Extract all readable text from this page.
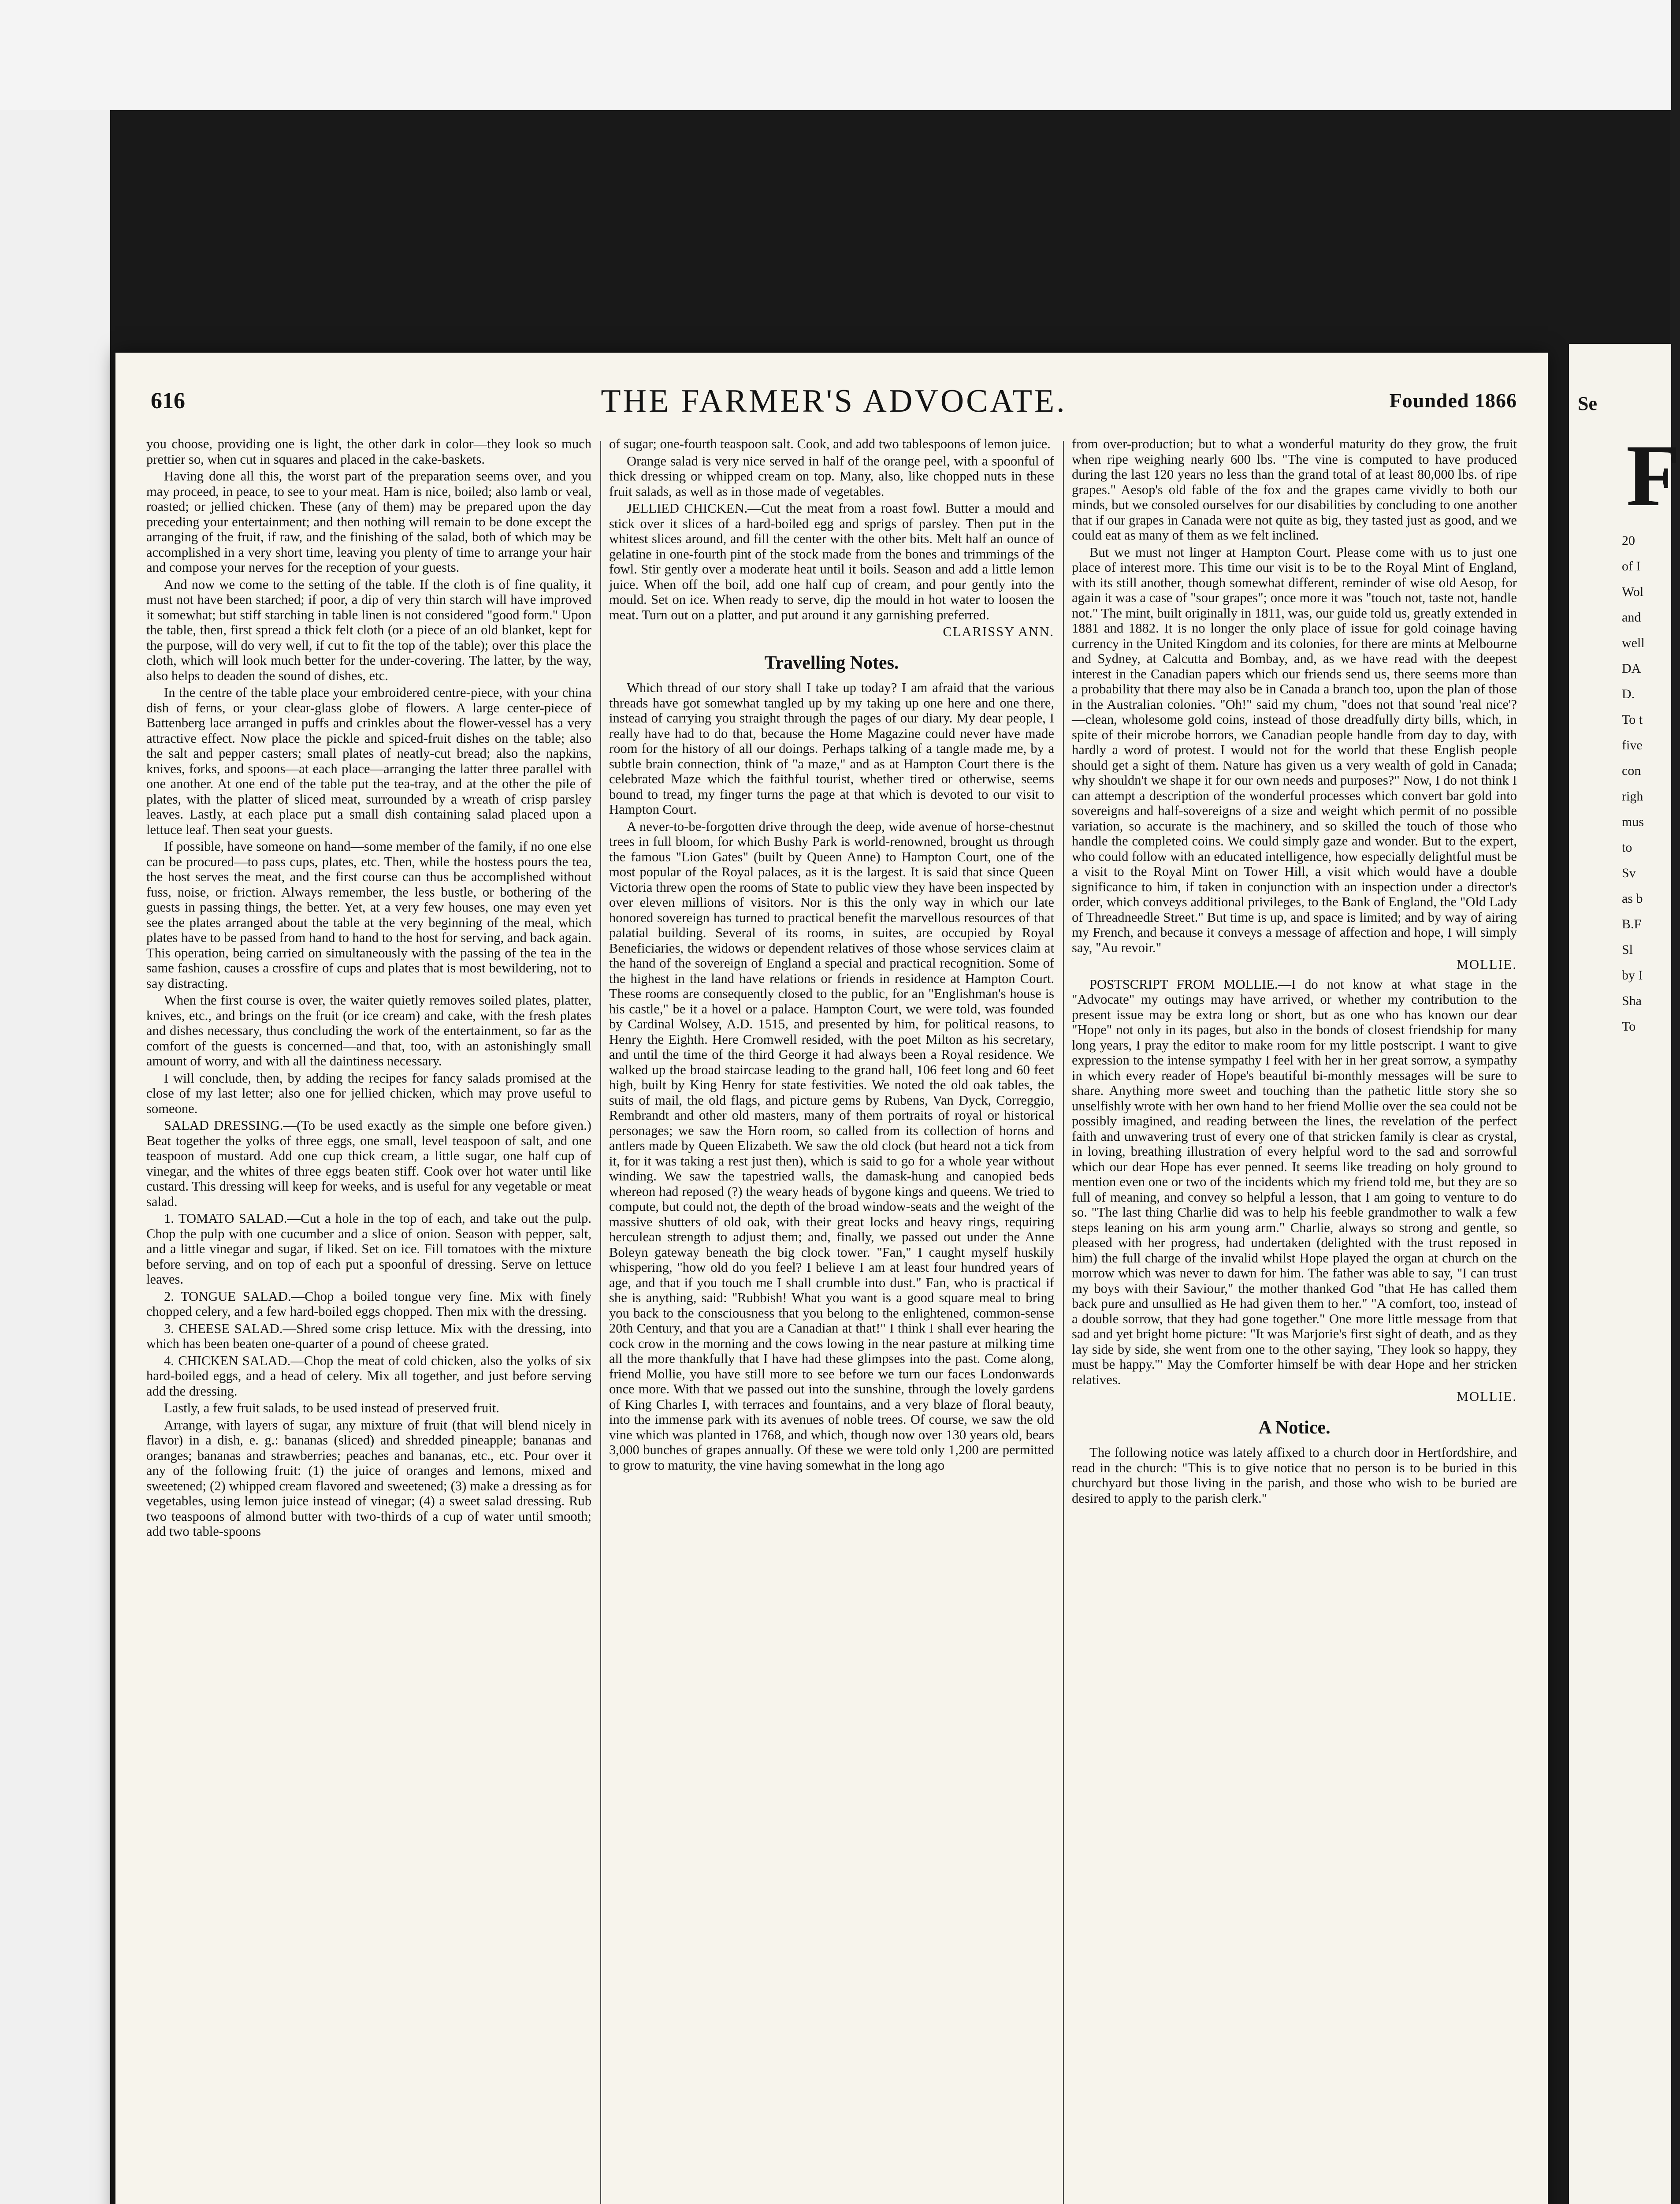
616	THE FARMER'S ADVOCATE.	Founded 1866

you choose, providing one is light, the other dark in color—they look so much prettier so, when cut in squares and placed in the cake-baskets.

Having done all this, the worst part of the preparation seems over, and you may proceed, in peace, to see to your meat. Ham is nice, boiled; also lamb or veal, roasted; or jellied chicken. These (any of them) may be prepared upon the day preceding your entertainment; and then nothing will remain to be done except the arranging of the fruit, if raw, and the finishing of the salad, both of which may be accomplished in a very short time, leaving you plenty of time to arrange your hair and compose your nerves for the reception of your guests.

And now we come to the setting of the table. If the cloth is of fine quality, it must not have been starched; if poor, a dip of very thin starch will have improved it somewhat; but stiff starching in table linen is not considered "good form." Upon the table, then, first spread a thick felt cloth (or a piece of an old blanket, kept for the purpose, will do very well, if cut to fit the top of the table); over this place the cloth, which will look much better for the under-covering. The latter, by the way, also helps to deaden the sound of dishes, etc.

In the centre of the table place your embroidered centre-piece, with your china dish of ferns, or your clear-glass globe of flowers. A large center-piece of Battenberg lace arranged in puffs and crinkles about the flower-vessel has a very attractive effect. Now place the pickle and spiced-fruit dishes on the table; also the salt and pepper casters; small plates of neatly-cut bread; also the napkins, knives, forks, and spoons—at each place—arranging the latter three parallel with one another. At one end of the table put the tea-tray, and at the other the pile of plates, with the platter of sliced meat, surrounded by a wreath of crisp parsley leaves. Lastly, at each place put a small dish containing salad placed upon a lettuce leaf. Then seat your guests.

If possible, have someone on hand—some member of the family, if no one else can be procured—to pass cups, plates, etc. Then, while the hostess pours the tea, the host serves the meat, and the first course can thus be accomplished without fuss, noise, or friction. Always remember, the less bustle, or bothering of the guests in passing things, the better. Yet, at a very few houses, one may even yet see the plates arranged about the table at the very beginning of the meal, which plates have to be passed from hand to hand to the host for serving, and back again. This operation, being carried on simultaneously with the passing of the tea in the same fashion, causes a crossfire of cups and plates that is most bewildering, not to say distracting.

When the first course is over, the waiter quietly removes soiled plates, platter, knives, etc., and brings on the fruit (or ice cream) and cake, with the fresh plates and dishes necessary, thus concluding the work of the entertainment, so far as the comfort of the guests is concerned—and that, too, with an astonishingly small amount of worry, and with all the daintiness necessary.

I will conclude, then, by adding the recipes for fancy salads promised at the close of my last letter; also one for jellied chicken, which may prove useful to someone.

SALAD DRESSING.—(To be used exactly as the simple one before given.) Beat together the yolks of three eggs, one small, level teaspoon of salt, and one teaspoon of mustard. Add one cup thick cream, a little sugar, one half cup of vinegar, and the whites of three eggs beaten stiff. Cook over hot water until like custard. This dressing will keep for weeks, and is useful for any vegetable or meat salad.

1. TOMATO SALAD.—Cut a hole in the top of each, and take out the pulp. Chop the pulp with one cucumber and a slice of onion. Season with pepper, salt, and a little vinegar and sugar, if liked. Set on ice. Fill tomatoes with the mixture before serving, and on top of each put a spoonful of dressing. Serve on lettuce leaves.

2. TONGUE SALAD.—Chop a boiled tongue very fine. Mix with finely chopped celery, and a few hard-boiled eggs chopped. Then mix with the dressing.

3. CHEESE SALAD.—Shred some crisp lettuce. Mix with the dressing, into which has been beaten one-quarter of a pound of cheese grated.

4. CHICKEN SALAD.—Chop the meat of cold chicken, also the yolks of six hard-boiled eggs, and a head of celery. Mix all together, and just before serving add the dressing.

Lastly, a few fruit salads, to be used instead of preserved fruit.

Arrange, with layers of sugar, any mixture of fruit (that will blend nicely in flavor) in a dish, e. g.: bananas (sliced) and shredded pineapple; bananas and oranges; bananas and strawberries; peaches and bananas, etc., etc. Pour over it any of the following fruit: (1) the juice of oranges and lemons, mixed and sweetened; (2) whipped cream flavored and sweetened; (3) make a dressing as for vegetables, using lemon juice instead of vinegar; (4) a sweet salad dressing. Rub two teaspoons of almond butter with two-thirds of a cup of water until smooth; add two table-spoons

of sugar; one-fourth teaspoon salt. Cook, and add two tablespoons of lemon juice.

Orange salad is very nice served in half of the orange peel, with a spoonful of thick dressing or whipped cream on top. Many, also, like chopped nuts in these fruit salads, as well as in those made of vegetables.

JELLIED CHICKEN.—Cut the meat from a roast fowl. Butter a mould and stick over it slices of a hard-boiled egg and sprigs of parsley. Then put in the whitest slices around, and fill the center with the other bits. Melt half an ounce of gelatine in one-fourth pint of the stock made from the bones and trimmings of the fowl. Stir gently over a moderate heat until it boils. Season and add a little lemon juice. When off the boil, add one half cup of cream, and pour gently into the mould. Set on ice. When ready to serve, dip the mould in hot water to loosen the meat. Turn out on a platter, and put around it any garnishing preferred.

CLARISSY ANN.

Travelling Notes.

Which thread of our story shall I take up today? I am afraid that the various threads have got somewhat tangled up by my taking up one here and one there, instead of carrying you straight through the pages of our diary. My dear people, I really have had to do that, because the Home Magazine could never have made room for the history of all our doings. Perhaps talking of a tangle made me, by a subtle brain connection, think of "a maze," and as at Hampton Court there is the celebrated Maze which the faithful tourist, whether tired or otherwise, seems bound to tread, my finger turns the page at that which is devoted to our visit to Hampton Court.

A never-to-be-forgotten drive through the deep, wide avenue of horse-chestnut trees in full bloom, for which Bushy Park is world-renowned, brought us through the famous "Lion Gates" (built by Queen Anne) to Hampton Court, one of the most popular of the Royal palaces, as it is the largest. It is said that since Queen Victoria threw open the rooms of State to public view they have been inspected by over eleven millions of visitors. Nor is this the only way in which our late honored sovereign has turned to practical benefit the marvellous resources of that palatial building. Several of its rooms, in suites, are occupied by Royal Beneficiaries, the widows or dependent relatives of those whose services claim at the hand of the sovereign of England a special and practical recognition. Some of the highest in the land have relations or friends in residence at Hampton Court. These rooms are consequently closed to the public, for an "Englishman's house is his castle," be it a hovel or a palace. Hampton Court, we were told, was founded by Cardinal Wolsey, A.D. 1515, and presented by him, for political reasons, to Henry the Eighth. Here Cromwell resided, with the poet Milton as his secretary, and until the time of the third George it had always been a Royal residence. We walked up the broad staircase leading to the grand hall, 106 feet long and 60 feet high, built by King Henry for state festivities. We noted the old oak tables, the suits of mail, the old flags, and picture gems by Rubens, Van Dyck, Correggio, Rembrandt and other old masters, many of them portraits of royal or historical personages; we saw the Horn room, so called from its collection of horns and antlers made by Queen Elizabeth. We saw the old clock (but heard not a tick from it, for it was taking a rest just then), which is said to go for a whole year without winding. We saw the tapestried walls, the damask-hung and canopied beds whereon had reposed (?) the weary heads of bygone kings and queens. We tried to compute, but could not, the depth of the broad window-seats and the weight of the massive shutters of old oak, with their great locks and heavy rings, requiring herculean strength to adjust them; and, finally, we passed out under the Anne Boleyn gateway beneath the big clock tower. "Fan," I caught myself huskily whispering, "how old do you feel? I believe I am at least four hundred years of age, and that if you touch me I shall crumble into dust." Fan, who is practical if she is anything, said: "Rubbish! What you want is a good square meal to bring you back to the consciousness that you belong to the enlightened, common-sense 20th Century, and that you are a Canadian at that!" I think I shall ever hearing the cock crow in the morning and the cows lowing in the near pasture at milking time all the more thankfully that I have had these glimpses into the past. Come along, friend Mollie, you have still more to see before we turn our faces Londonwards once more. With that we passed out into the sunshine, through the lovely gardens of King Charles I, with terraces and fountains, and a very blaze of floral beauty, into the immense park with its avenues of noble trees. Of course, we saw the old vine which was planted in 1768, and which, though now over 130 years old, bears 3,000 bunches of grapes annually. Of these we were told only 1,200 are permitted to grow to maturity, the vine having somewhat in the long ago

from over-production; but to what a wonderful maturity do they grow, the fruit when ripe weighing nearly 600 lbs. "The vine is computed to have produced during the last 120 years no less than the grand total of at least 80,000 lbs. of ripe grapes." Aesop's old fable of the fox and the grapes came vividly to both our minds, but we consoled ourselves for our disabilities by concluding to one another that if our grapes in Canada were not quite as big, they tasted just as good, and we could eat as many of them as we felt inclined.

But we must not linger at Hampton Court. Please come with us to just one place of interest more. This time our visit is to be to the Royal Mint of England, with its still another, though somewhat different, reminder of wise old Aesop, for again it was a case of "sour grapes"; once more it was "touch not, taste not, handle not." The mint, built originally in 1811, was, our guide told us, greatly extended in 1881 and 1882. It is no longer the only place of issue for gold coinage having currency in the United Kingdom and its colonies, for there are mints at Melbourne and Sydney, at Calcutta and Bombay, and, as we have read with the deepest interest in the Canadian papers which our friends send us, there seems more than a probability that there may also be in Canada a branch too, upon the plan of those in the Australian colonies. "Oh!" said my chum, "does not that sound 'real nice'?—clean, wholesome gold coins, instead of those dreadfully dirty bills, which, in spite of their microbe horrors, we Canadian people handle from day to day, with hardly a word of protest. I would not for the world that these English people should get a sight of them. Nature has given us a very wealth of gold in Canada; why shouldn't we shape it for our own needs and purposes?" Now, I do not think I can attempt a description of the wonderful processes which convert bar gold into sovereigns and half-sovereigns of a size and weight which permit of no possible variation, so accurate is the machinery, and so skilled the touch of those who handle the completed coins. We could simply gaze and wonder. But to the expert, who could follow with an educated intelligence, how especially delightful must be a visit to the Royal Mint on Tower Hill, a visit which would have a double significance to him, if taken in conjunction with an inspection under a director's order, which conveys additional privileges, to the Bank of England, the "Old Lady of Threadneedle Street." But time is up, and space is limited; and by way of airing my French, and because it conveys a message of affection and hope, I will simply say, "Au revoir."

MOLLIE.

POSTSCRIPT FROM MOLLIE.—I do not know at what stage in the "Advocate" my outings may have arrived, or whether my contribution to the present issue may be extra long or short, but as one who has known our dear "Hope" not only in its pages, but also in the bonds of closest friendship for many long years, I pray the editor to make room for my little postscript. I want to give expression to the intense sympathy I feel with her in her great sorrow, a sympathy in which every reader of Hope's beautiful bi-monthly messages will be sure to share. Anything more sweet and touching than the pathetic little story she so unselfishly wrote with her own hand to her friend Mollie over the sea could not be possibly imagined, and reading between the lines, the revelation of the perfect faith and unwavering trust of every one of that stricken family is clear as crystal, in loving, breathing illustration of every helpful word to the sad and sorrowful which our dear Hope has ever penned. It seems like treading on holy ground to mention even one or two of the incidents which my friend told me, but they are so full of meaning, and convey so helpful a lesson, that I am going to venture to do so. "The last thing Charlie did was to help his feeble grandmother to walk a few steps leaning on his arm young arm." Charlie, always so strong and gentle, so pleased with her progress, had undertaken (delighted with the trust reposed in him) the full charge of the invalid whilst Hope played the organ at church on the morrow which was never to dawn for him. The father was able to say, "I can trust my boys with their Saviour," the mother thanked God "that He has called them back pure and unsullied as He had given them to her." "A comfort, too, instead of a double sorrow, that they had gone together." One more little message from that sad and yet bright home picture: "It was Marjorie's first sight of death, and as they lay side by side, she went from one to the other saying, 'They look so happy, they must be happy.'" May the Comforter himself be with dear Hope and her stricken relatives.

MOLLIE.

A Notice.

The following notice was lately affixed to a church door in Hertfordshire, and read in the church: "This is to give notice that no person is to be buried in this churchyard but those living in the parish, and those who wish to be buried are desired to apply to the parish clerk."

Se
F
20
of I
Wol
and
well
DA
D.
To t
five
con
righ
mus
to
Sv
as b
B.F
Sl
by I
Sha
To
